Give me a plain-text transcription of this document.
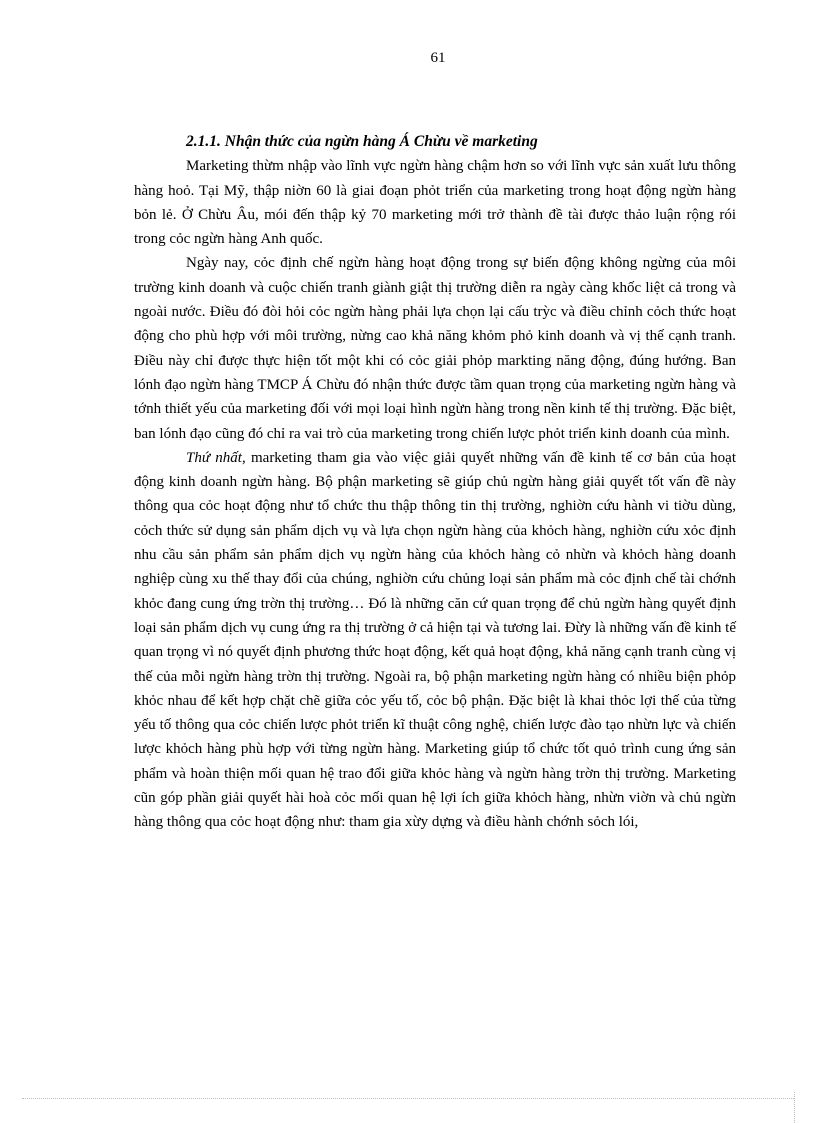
61
2.1.1. Nhận thức của ngừn hàng Á Chừu về marketing

Marketing thừm nhập vào lĩnh vực ngừn hàng chậm hơn so với lĩnh vực sản xuất lưu thông hàng hoỏ. Tại Mỹ, thập niờn 60 là giai đoạn phỏt triển của marketing trong hoạt động ngừn hàng bỏn lẻ. Ở Chừu Âu, mói đến thập kỷ 70 marketing mới trở thành đề tài được thảo luận rộng rói trong cỏc ngừn hàng Anh quốc.

Ngày nay, cỏc định chế ngừn hàng hoạt động trong sự biến động không ngừng của môi trường kinh doanh và cuộc chiến tranh giành giật thị trường diễn ra ngày càng khốc liệt cả trong và ngoài nước. Điều đó đòi hỏi cỏc ngừn hàng phải lựa chọn lại cấu trỳc và điều chỉnh cỏch thức hoạt động cho phù hợp với môi trường, nừng cao khả năng khỏm phỏ kinh doanh và vị thế cạnh tranh. Điều này chỉ được thực hiện tốt một khi có cỏc giải phỏp markting năng động, đúng hướng. Ban lónh đạo ngừn hàng TMCP Á Chừu đó nhận thức được tầm quan trọng của marketing ngừn hàng và tớnh thiết yếu của marketing đối với mọi loại hình ngừn hàng trong nền kinh tế thị trường. Đặc biệt, ban lónh đạo cũng đó chỉ ra vai trò của marketing trong chiến lược phỏt triển kinh doanh của mình.

Thứ nhất, marketing tham gia vào việc giải quyết những vấn đề kinh tế cơ bản của hoạt động kinh doanh ngừn hàng. Bộ phận marketing sẽ giúp chủ ngừn hàng giải quyết tốt vấn đề này thông qua cỏc hoạt động như tổ chức thu thập thông tin thị trường, nghiờn cứu hành vi tiờu dùng, cỏch thức sử dụng sản phẩm dịch vụ và lựa chọn ngừn hàng của khỏch hàng, nghiờn cứu xỏc định nhu cầu sản phẩm sản phẩm dịch vụ ngừn hàng của khỏch hàng cỏ nhừn và khỏch hàng doanh nghiệp cùng xu thế thay đổi của chúng, nghiờn cứu chủng loại sản phẩm mà cỏc định chế tài chớnh khỏc đang cung ứng trờn thị trường… Đó là những căn cứ quan trọng để chủ ngừn hàng quyết định loại sản phẩm dịch vụ cung ứng ra thị trường ở cả hiện tại và tương lai. Đừy là những vấn đề kinh tế quan trọng vì nó quyết định phương thức hoạt động, kết quả hoạt động, khả năng cạnh tranh cùng vị thế của mỗi ngừn hàng trờn thị trường. Ngoài ra, bộ phận marketing ngừn hàng có nhiều biện phỏp khỏc nhau để kết hợp chặt chẽ giữa cỏc yếu tố, cỏc bộ phận. Đặc biệt là khai thỏc lợi thế của từng yếu tố thông qua cỏc chiến lược phỏt triển kĩ thuật công nghệ, chiến lược đào tạo nhừn lực và chiến lược khỏch hàng phù hợp với từng ngừn hàng. Marketing giúp tổ chức tốt quỏ trình cung ứng sản phẩm và hoàn thiện mối quan hệ trao đổi giữa khỏc hàng và ngừn hàng trờn thị trường. Marketing cũn góp phần giải quyết hài hoà cỏc mối quan hệ lợi ích giữa khỏch hàng, nhừn viờn và chủ ngừn hàng thông qua cỏc hoạt động như: tham gia xừy dựng và điều hành chớnh sỏch lói,
